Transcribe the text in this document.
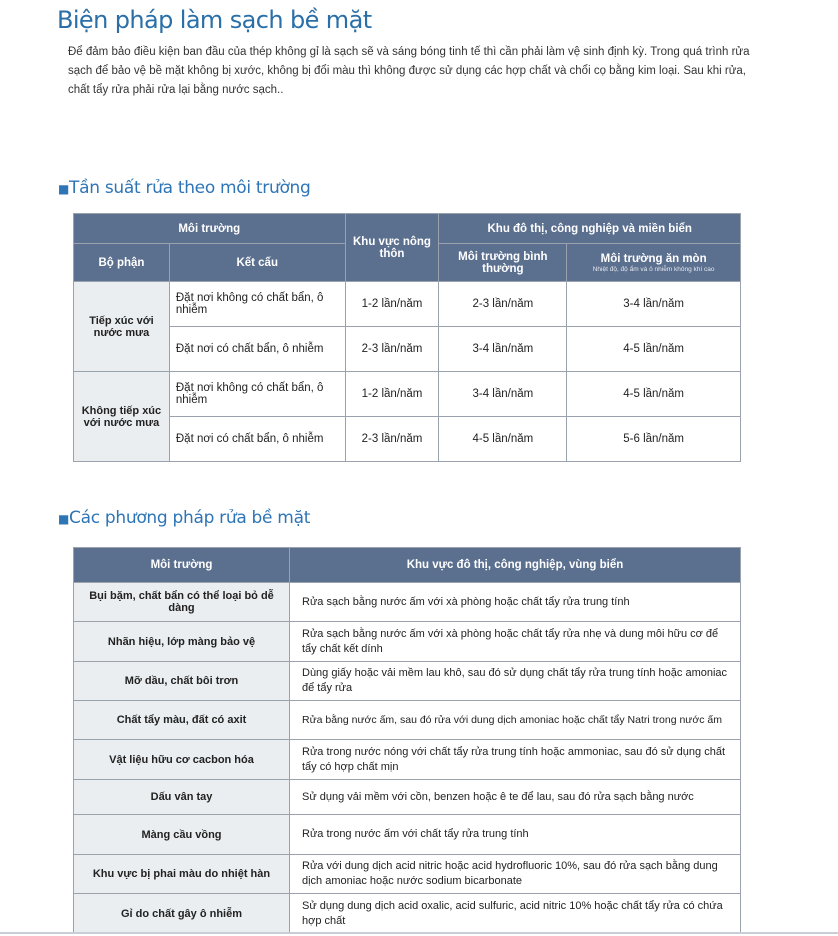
Biện pháp làm sạch bề mặt
Để đảm bảo điều kiện ban đầu của thép không gỉ là sạch sẽ và sáng bóng tinh tế thì cần phải làm vệ sinh định kỳ. Trong quá trình rửa sạch để bảo vệ bề mặt không bị xước, không bị đổi màu thì không được sử dụng các hợp chất và chổi cọ bằng kim loại. Sau khi rửa, chất tẩy rửa phải rửa lại bằng nước sạch..
■Tần suất rửa theo môi trường
Môi trường		Khu vực nông thôn	Khu đô thị, công nghiệp và miền biển	
Bộ phận	Kết cấu		Môi trường bình thường	Môi trường ăn mòn
Nhiệt độ, độ ẩm và ô nhiễm không khí cao

Tiếp xúc với nước mưa	Đặt nơi không có chất bẩn, ô nhiễm	1-2 lần/năm	2-3 lần/năm	3-4 lần/năm
	Đặt nơi có chất bẩn, ô nhiễm	2-3 lần/năm	3-4 lần/năm	4-5 lần/năm
Không tiếp xúc với nước mưa	Đặt nơi không có chất bẩn, ô nhiễm	1-2 lần/năm	3-4 lần/năm	4-5 lần/năm
	Đặt nơi có chất bẩn, ô nhiễm	2-3 lần/năm	4-5 lần/năm	5-6 lần/năm
■Các phương pháp rửa bề mặt
Môi trường	Khu vực đô thị, công nghiệp, vùng biển
Bụi bặm, chất bẩn có thể loại bỏ dễ dàng	Rửa sạch bằng nước ấm với xà phòng hoặc chất tẩy rửa trung tính
Nhãn hiệu, lớp màng bảo vệ	Rửa sạch bằng nước ấm với xà phòng hoặc chất tẩy rửa nhẹ và dung môi hữu cơ để tẩy chất kết dính
Mỡ dầu, chất bôi trơn	Dùng giấy hoặc vải mềm lau khô, sau đó sử dụng chất tẩy rửa trung tính hoặc amoniac để tẩy rửa
Chất tẩy màu, đất có axit	Rửa bằng nước ấm, sau đó rửa với dung dịch amoniac hoặc chất tẩy Natri trong nước ấm
Vật liệu hữu cơ cacbon hóa	Rửa trong nước nóng với chất tẩy rửa trung tính hoặc ammoniac, sau đó sử dụng chất tẩy có hợp chất mịn
Dấu vân tay	Sử dụng vải mềm với cồn, benzen hoặc ê te để lau, sau đó rửa sạch bằng nước
Màng cầu vồng	Rửa trong nước ấm với chất tẩy rửa trung tính
Khu vực bị phai màu do nhiệt hàn	Rửa với dung dịch acid nitric hoặc acid hydrofluoric 10%, sau đó rửa sạch bằng dung dịch amoniac hoặc nước sodium bicarbonate
Gỉ do chất gây ô nhiễm	Sử dụng dung dịch acid oxalic, acid sulfuric, acid nitric 10% hoặc chất tẩy rửa có chứa hợp chất
